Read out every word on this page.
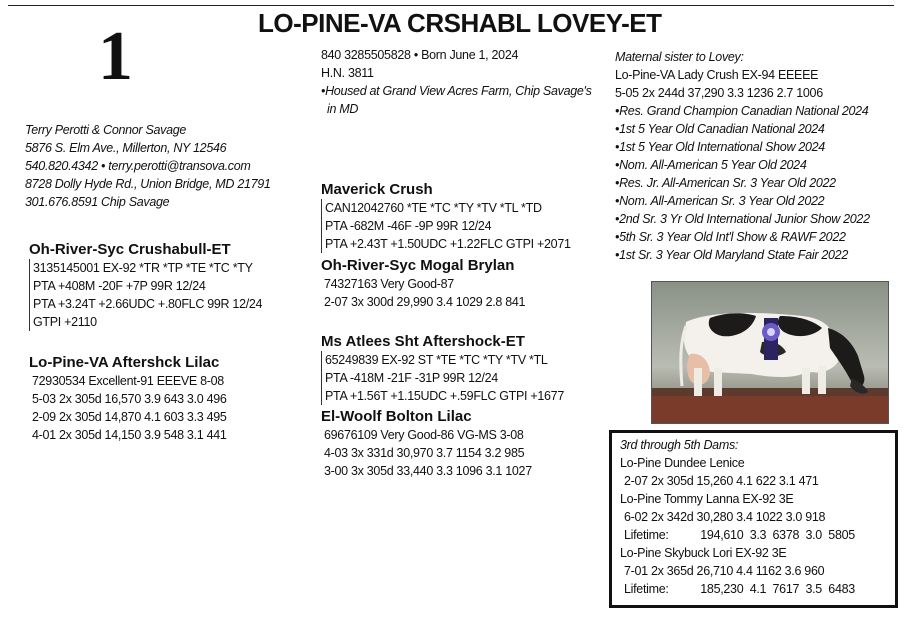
1	LO-PINE-VA CRSHABL LOVEY-ET
840 3285505828 • Born June 1, 2024
H.N. 3811
•Housed at Grand View Acres Farm, Chip Savage's
in MD
Terry Perotti & Connor Savage
5876 S. Elm Ave., Millerton, NY 12546
540.820.4342 • terry.perotti@transova.com
8728 Dolly Hyde Rd., Union Bridge, MD 21791
301.676.8591 Chip Savage
Oh-River-Syc Crushabull-ET
3135145001 EX-92 *TR *TP *TE *TC *TY
PTA +408M -20F +7P 99R 12/24
PTA +3.24T +2.66UDC +.80FLC 99R 12/24
GTPI +2110
Lo-Pine-VA Aftershck Lilac
72930534 Excellent-91 EEEVE 8-08
5-03 2x 305d 16,570 3.9 643 3.0 496
2-09 2x 305d 14,870 4.1 603 3.3 495
4-01 2x 305d 14,150 3.9 548 3.1 441
Maverick Crush
CAN12042760 *TE *TC *TY *TV *TL *TD
PTA -682M -46F -9P 99R 12/24
PTA +2.43T +1.50UDC +1.22FLC GTPI +2071
Oh-River-Syc Mogal Brylan
74327163 Very Good-87
2-07 3x 300d 29,990 3.4 1029 2.8 841
Ms Atlees Sht Aftershock-ET
65249839 EX-92 ST *TE *TC *TY *TV *TL
PTA -418M -21F -31P 99R 12/24
PTA +1.56T +1.15UDC +.59FLC GTPI +1677
El-Woolf Bolton Lilac
69676109 Very Good-86 VG-MS 3-08
4-03 3x 331d 30,970 3.7 1154 3.2 985
3-00 3x 305d 33,440 3.3 1096 3.1 1027
Maternal sister to Lovey:
Lo-Pine-VA Lady Crush EX-94 EEEEE
5-05 2x 244d 37,290 3.3 1236 2.7 1006
•Res. Grand Champion Canadian National 2024
•1st 5 Year Old Canadian National 2024
•1st 5 Year Old International Show 2024
•Nom. All-American 5 Year Old 2024
•Res. Jr. All-American Sr. 3 Year Old 2022
•Nom. All-American Sr. 3 Year Old 2022
•2nd Sr. 3 Yr Old International Junior Show 2022
•5th Sr. 3 Year Old Int'l Show & RAWF 2022
•1st Sr. 3 Year Old Maryland State Fair 2022
3rd through 5th Dams:
Lo-Pine Dundee Lenice
2-07 2x 305d 15,260 4.1 622 3.1 471
Lo-Pine Tommy Lanna EX-92 3E
6-02 2x 342d 30,280 3.4 1022 3.0 918
Lifetime:          194,610  3.3  6378  3.0  5805
Lo-Pine Skybuck Lori EX-92 3E
7-01 2x 365d 26,710 4.4 1162 3.6 960
Lifetime:          185,230  4.1  7617  3.5  6483
